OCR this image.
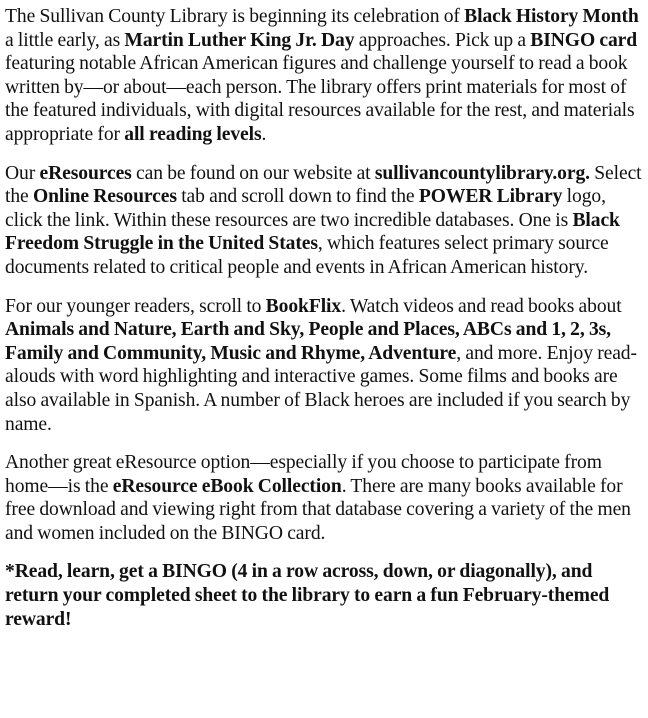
The Sullivan County Library is beginning its celebration of Black History Month a little early, as Martin Luther King Jr. Day approaches. Pick up a BINGO card featuring notable African American figures and challenge yourself to read a book written by—or about—each person. The library offers print materials for most of the featured individuals, with digital resources available for the rest, and materials appropriate for all reading levels.

Our eResources can be found on our website at sullivancountylibrary.org. Select the Online Resources tab and scroll down to find the POWER Library logo, click the link. Within these resources are two incredible databases. One is Black Freedom Struggle in the United States, which features select primary source documents related to critical people and events in African American history.

For our younger readers, scroll to BookFlix. Watch videos and read books about Animals and Nature, Earth and Sky, People and Places, ABCs and 1, 2, 3s, Family and Community, Music and Rhyme, Adventure, and more. Enjoy read-alouds with word highlighting and interactive games. Some films and books are also available in Spanish. A number of Black heroes are included if you search by name.

Another great eResource option—especially if you choose to participate from home—is the eResource eBook Collection. There are many books available for free download and viewing right from that database covering a variety of the men and women included on the BINGO card.

*Read, learn, get a BINGO (4 in a row across, down, or diagonally), and return your completed sheet to the library to earn a fun February-themed reward!
